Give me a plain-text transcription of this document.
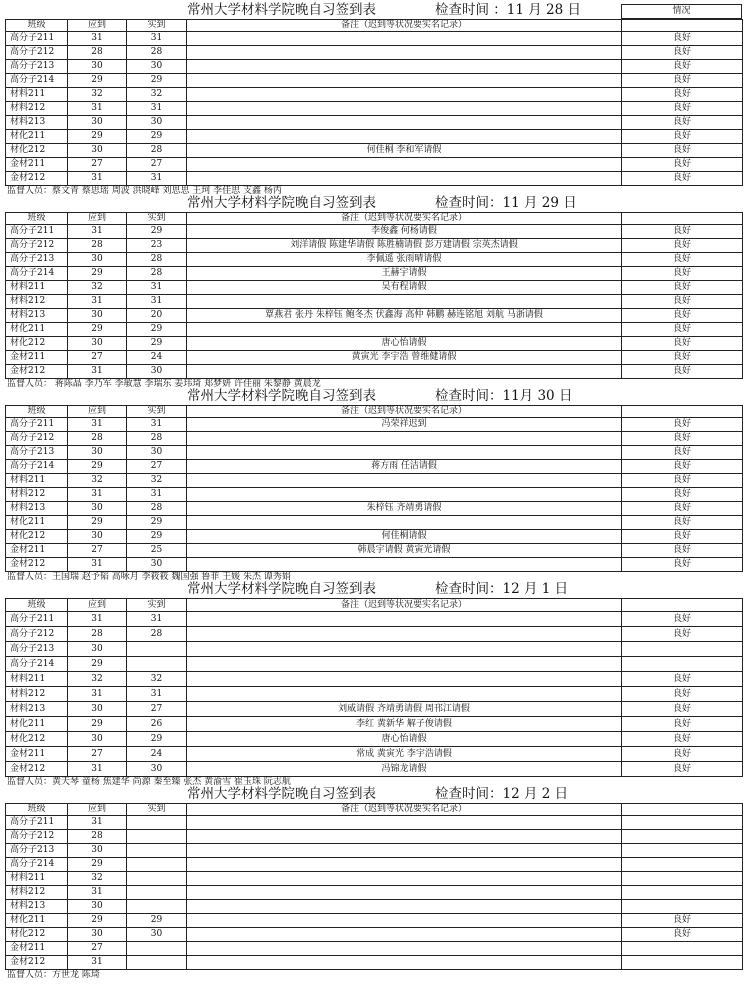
常州大学材料学院晚自习签到表	检查时间 ：11 月 28 日	情况
班级	应到	实到	备注（迟到等状况要实名记录）	
高分子211	31	31		良好
高分子212	28	28		良好
高分子213	30	30		良好
高分子214	29	29		良好
材料211	32	32		良好
材料212	31	31		良好
材料213	30	30		良好
材化211	29	29		良好
材化212	30	28	何佳桐 李和军请假	良好
金材211	27	27		良好
金材212	31	31		良好
监督人员：蔡文青 蔡思瑶 周波 洪晓峰 刘思思 王珂 李佳思 支鑫 杨丙
常州大学材料学院晚自习签到表	检查时间：11 月 29 日
班级	应到	实到	备注（迟到等状况要实名记录）	
高分子211	31	29	李俊鑫 何杨请假	良好
高分子212	28	23	刘洋请假 陈建华请假 陈胜楠请假 彭万建请假 宗英杰请假	良好
高分子213	30	28	李佩遥 张雨晴请假	良好
高分子214	29	28	王赫宇请假	良好
材料211	32	31	吴有程请假	良好
材料212	31	31		良好
材料213	30	20	覃燕君 张丹 朱梓钰 鲍冬杰 伏鑫海 高仲 韩鹏 赫连铭旭 刘航 马浙请假	良好
材化211	29	29		良好
材化212	30	29	唐心怡请假	良好
金材211	27	24	黄寅光 李宇浩 曾维健请假	良好
金材212	31	30		良好
监督人员： 蒋陈晶 李乃军 李敏慧 李瑞东 姜玮琦 郑梦妍 许佳丽 朱黎静 黄晨龙
常州大学材料学院晚自习签到表	检查时间：11月 30 日
班级	应到	实到	备注（迟到等状况要实名记录）	
高分子211	31	31	冯荣祥迟到	良好
高分子212	28	28		良好
高分子213	30	30		良好
高分子214	29	27	蒋方雨 任洁请假	良好
材料211	32	32		良好
材料212	31	31		良好
材料213	30	28	朱梓钰 齐靖勇请假	良好
材化211	29	29		良好
材化212	30	29	何佳桐请假	良好
金材211	27	25	韩晨宇请假 黄寅光请假	良好
金材212	31	30		良好
监督人员：王国瑞 赵予韬 高咏月 李筱筱 魏国强 鲁菲 王媛 朱杰 谭秀娟
常州大学材料学院晚自习签到表	检查时间：12 月 1 日
班级	应到	实到	备注（迟到等状况要实名记录）	
高分子211	31	31		良好
高分子212	28	28		良好
高分子213	30			
高分子214	29			
材料211	32	32		良好
材料212	31	31		良好
材料213	30	27	刘威请假 齐靖勇请假 周邗江请假	良好
材化211	29	26	李红 黄新华 解子俊请假	良好
材化212	30	29	唐心怡请假	良好
金材211	27	24	常成 黄寅光 李宇浩请假	良好
金材212	31	30	冯锦龙请假	良好
监督人员：黄天琴 童杨 焦建华 尚源 秦至臻 张杰 黄渝雪 崔玉珠 阮志航
常州大学材料学院晚自习签到表	检查时间：12 月 2 日
班级	应到	实到	备注（迟到等状况要实名记录）	
高分子211	31			
高分子212	28			
高分子213	30			
高分子214	29			
材料211	32			
材料212	31			
材料213	30			
材化211	29	29		良好
材化212	30	30		良好
金材211	27			
金材212	31			
监督人员：方世龙 陈琦
